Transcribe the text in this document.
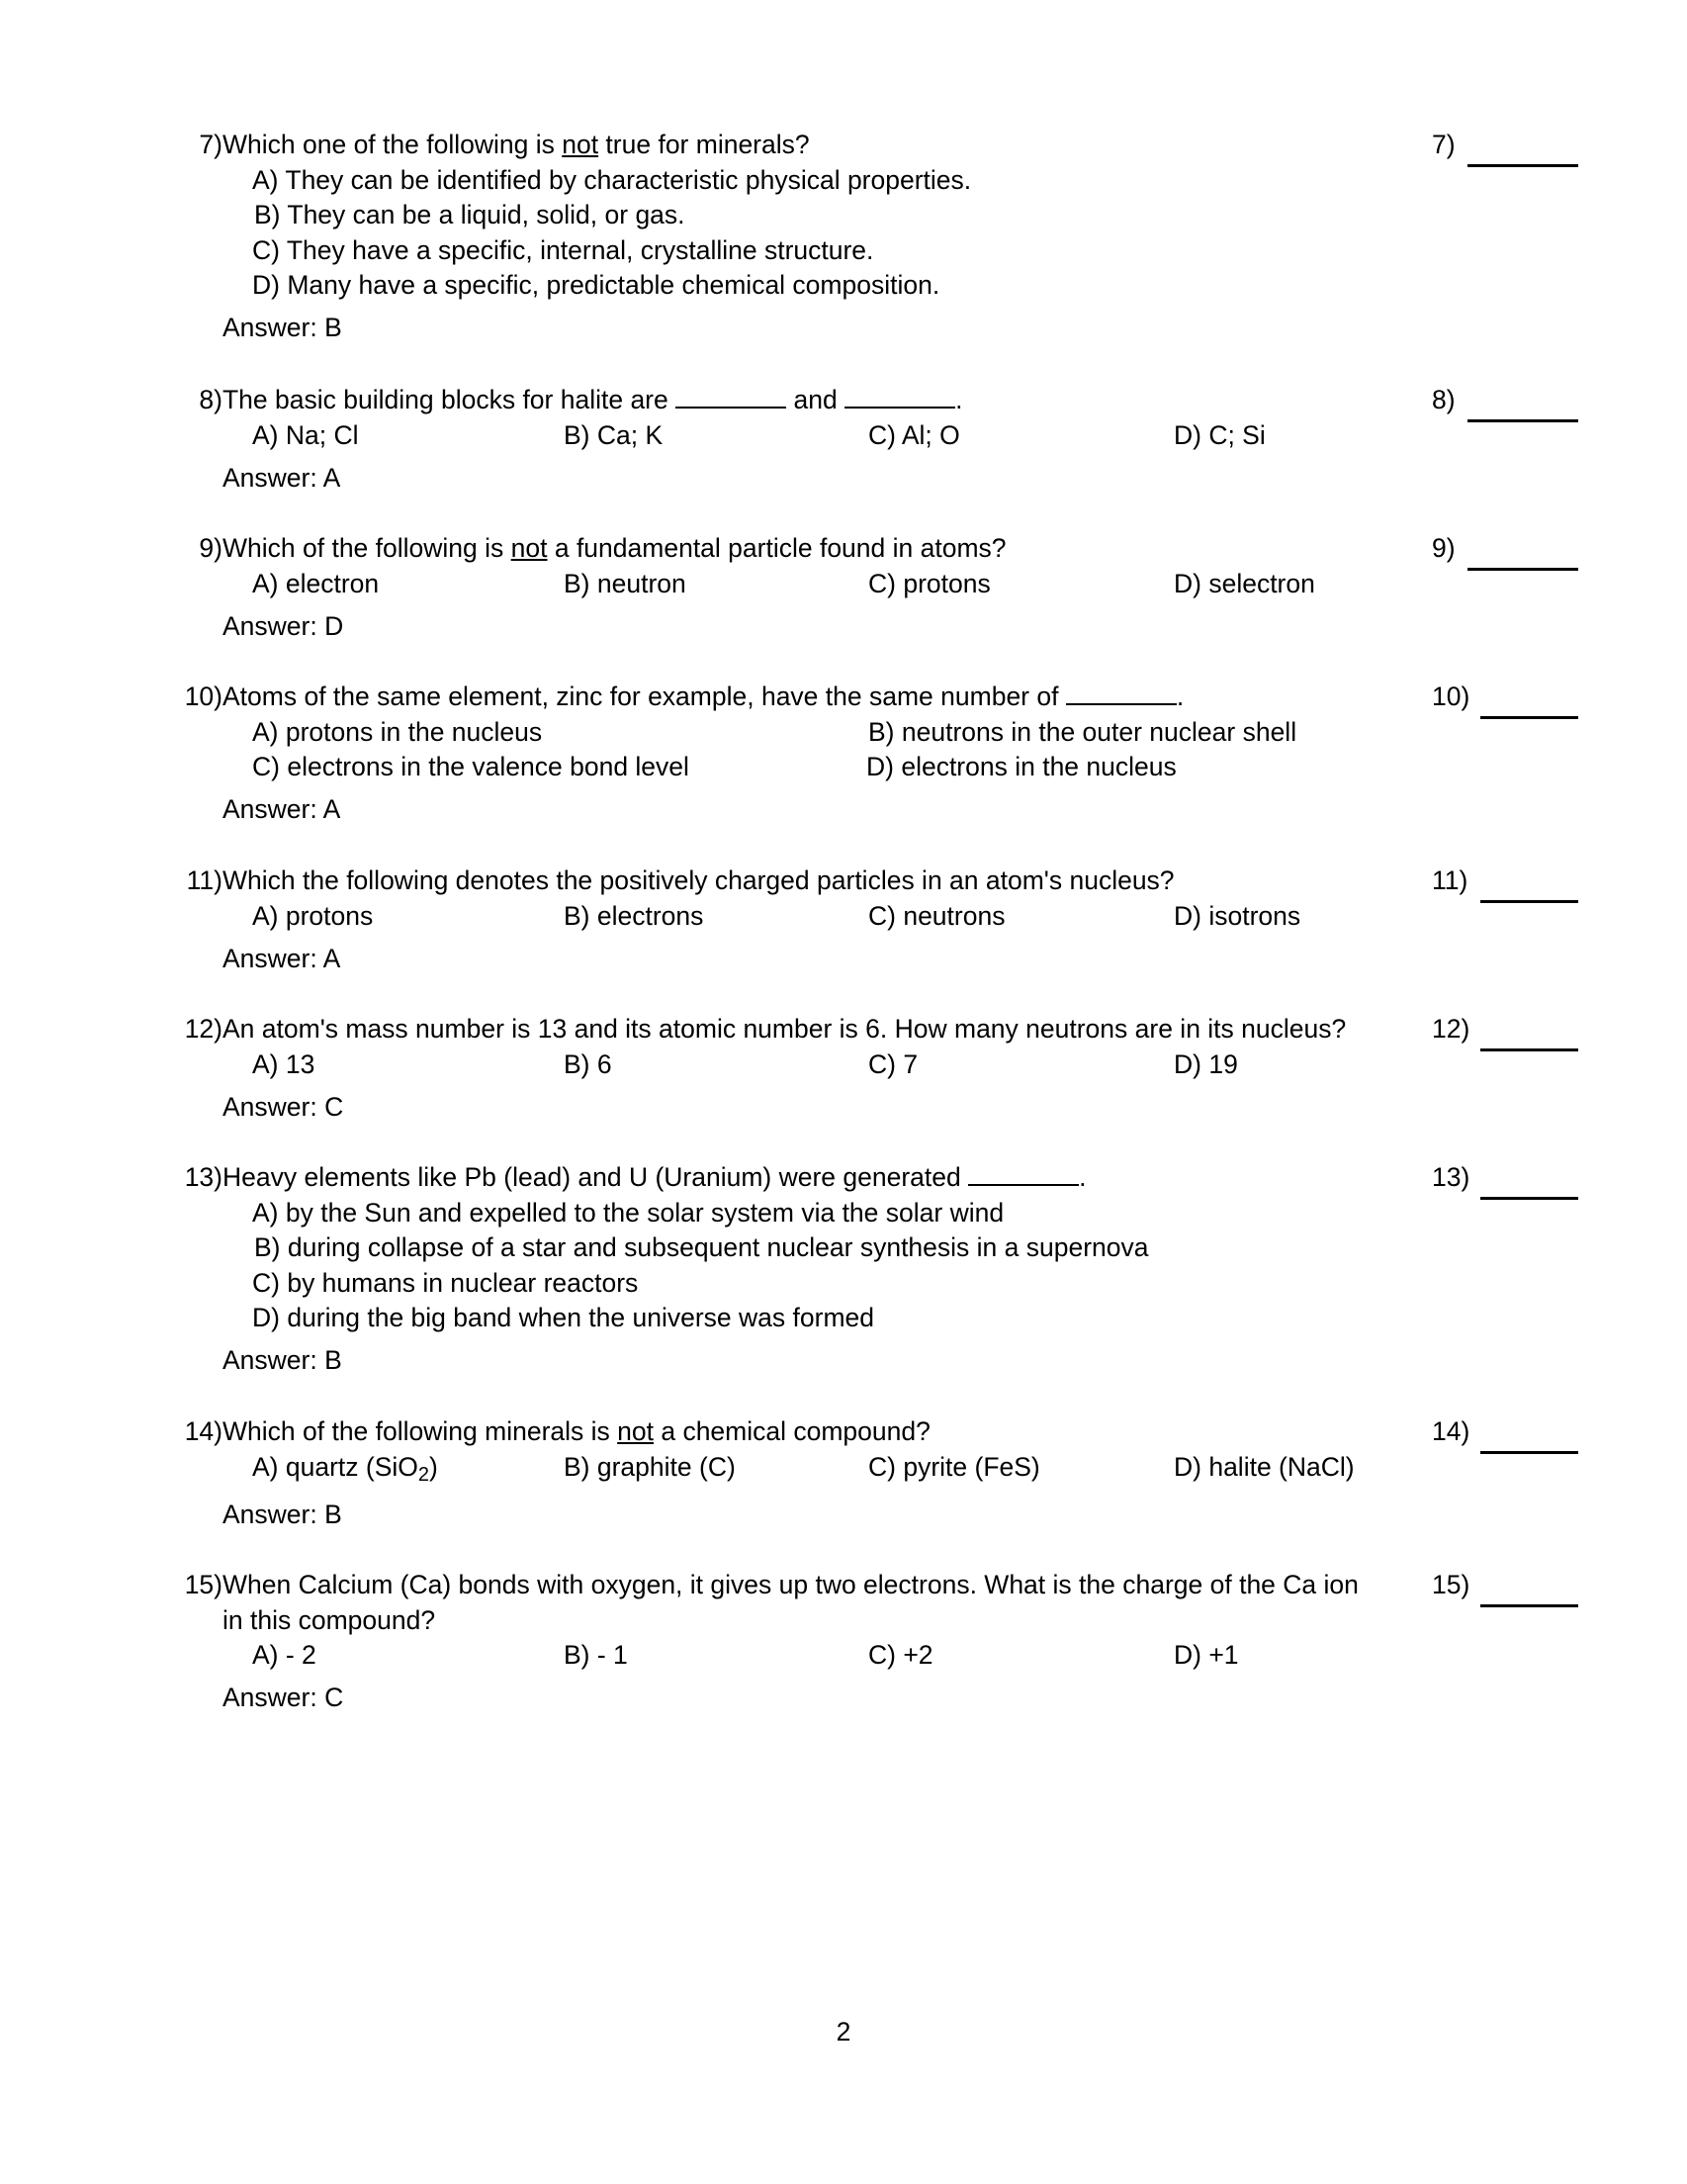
7) Which one of the following is not true for minerals?
A) They can be identified by characteristic physical properties.
B) They can be a liquid, solid, or gas.
C) They have a specific, internal, crystalline structure.
D) Many have a specific, predictable chemical composition.
Answer: B
7)
8) The basic building blocks for halite are	and	.
A) Na; Cl	B) Ca; K	C) Al; O	D) C; Si
Answer: A
8)
9) Which of the following is not a fundamental particle found in atoms?
A) electron	B) neutron	C) protons	D) selectron
Answer: D
9)
10) Atoms of the same element, zinc for example, have the same number of	.
A) protons in the nucleus	B) neutrons in the outer nuclear shell
C) electrons in the valence bond level	D) electrons in the nucleus
Answer: A
10)
11) Which the following denotes the positively charged particles in an atom's nucleus?
A) protons	B) electrons	C) neutrons	D) isotrons
Answer: A
11)
12) An atom's mass number is 13 and its atomic number is 6. How many neutrons are in its nucleus?
A) 13	B) 6	C) 7	D) 19
Answer: C
12)
13) Heavy elements like Pb (lead) and U (Uranium) were generated	.
A) by the Sun and expelled to the solar system via the solar wind
B) during collapse of a star and subsequent nuclear synthesis in a supernova
C) by humans in nuclear reactors
D) during the big band when the universe was formed
Answer: B
13)
14) Which of the following minerals is not a chemical compound?
A) quartz (SiO$_2$)	B) graphite (C)	C) pyrite (FeS)	D) halite (NaCl)
Answer: B
14)
15) When Calcium (Ca) bonds with oxygen, it gives up two electrons. What is the charge of the Ca ion
in this compound?
A) - 2	B) - 1	C) +2	D) +1
Answer: C
15)
2
